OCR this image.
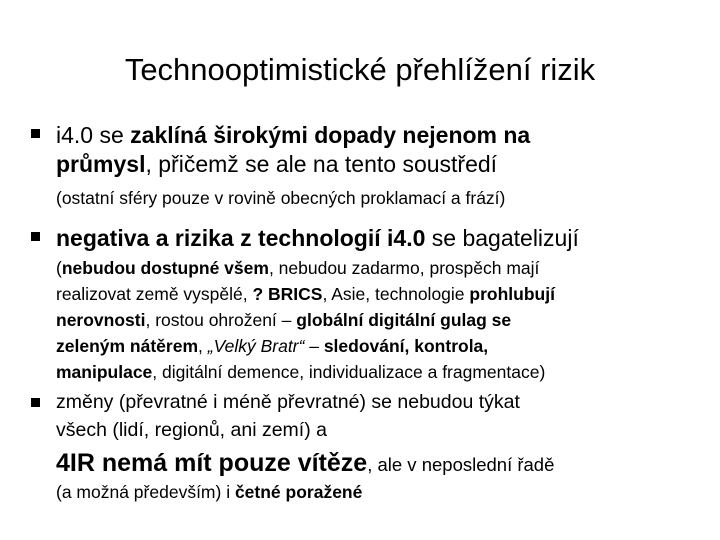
Technooptimistické přehlížení rizik
i4.0 se zaklíná širokými dopady nejenom na
průmysl, přičemž se ale na tento soustředí
(ostatní sféry pouze v rovině obecných proklamací a frází)
negativa a rizika z technologií i4.0 se bagatelizují
(nebudou dostupné všem, nebudou zadarmo, prospěch mají
realizovat země vyspělé, ? BRICS, Asie, technologie prohlubují
nerovnosti, rostou ohrožení – globální digitální gulag se
zeleným nátěrem, „Velký Bratr“ – sledování, kontrola,
manipulace, digitální demence, individualizace a fragmentace)
změny (převratné i méně převratné) se nebudou týkat
všech (lidí, regionů, ani zemí) a
4IR nemá mít pouze vítěze, ale v neposlední řadě
(a možná především) i četné poražené
